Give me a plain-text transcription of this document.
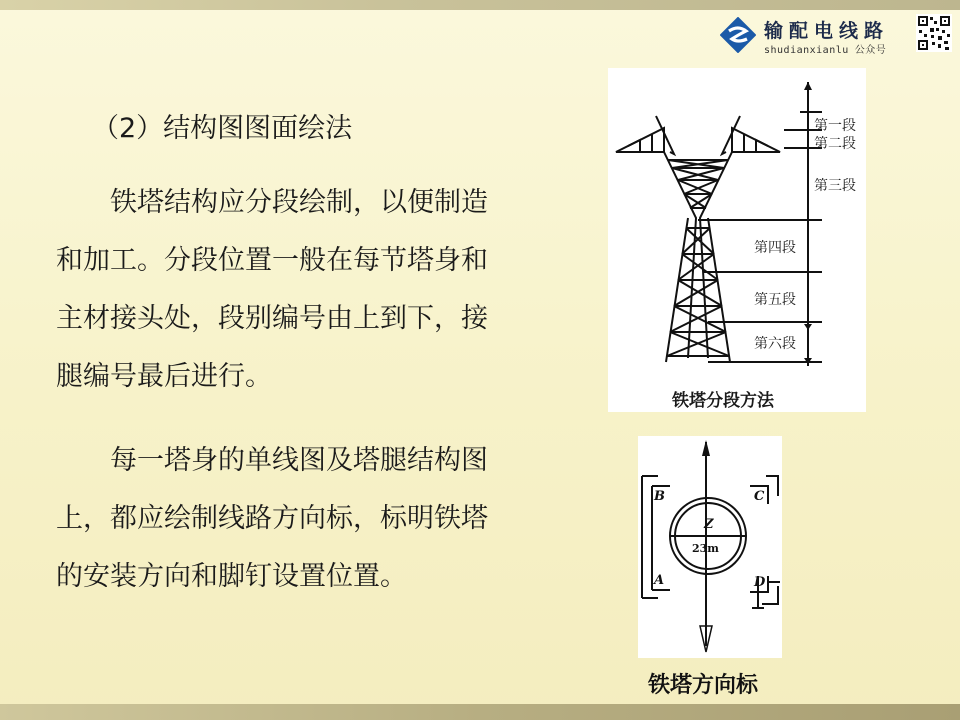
输配电线路
shudianxianlu 公众号
（2）结构图图面绘法

铁塔结构应分段绘制，以便制造和加工。分段位置一般在每节塔身和主材接头处，段别编号由上到下，接腿编号最后进行。

每一塔身的单线图及塔腿结构图上，都应绘制线路方向标，标明铁塔的安装方向和脚钉设置位置。

第一段
第二段
第三段
第四段
第五段
第六段
铁塔分段方法
Z
23m
A
B	C
D
铁塔方向标
